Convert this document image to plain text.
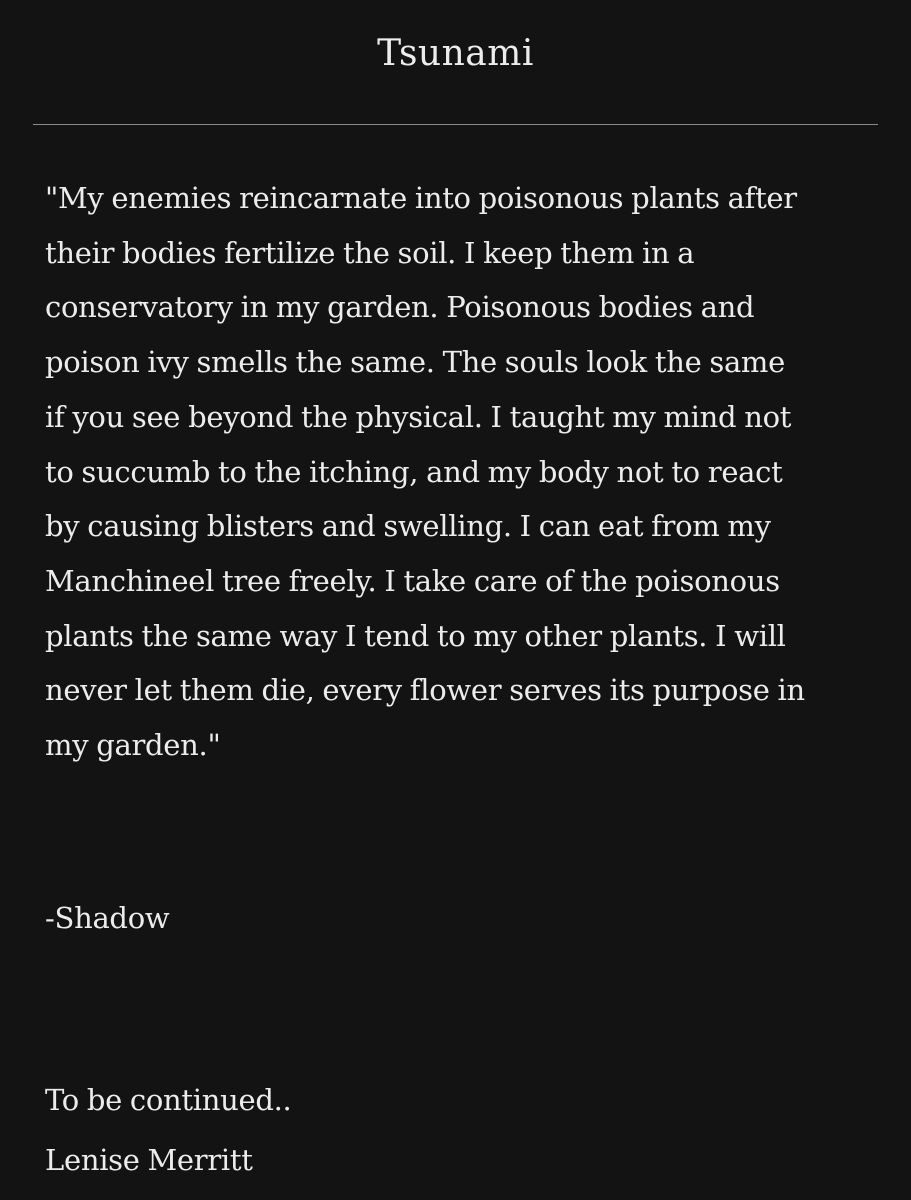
Tsunami
"My enemies reincarnate into poisonous plants after
their bodies fertilize the soil. I keep them in a
conservatory in my garden. Poisonous bodies and
poison ivy smells the same. The souls look the same
if you see beyond the physical. I taught my mind not
to succumb to the itching, and my body not to react
by causing blisters and swelling. I can eat from my
Manchineel tree freely. I take care of the poisonous
plants the same way I tend to my other plants. I will
never let them die, every flower serves its purpose in
my garden."

-Shadow

To be continued..

Lenise Merritt
